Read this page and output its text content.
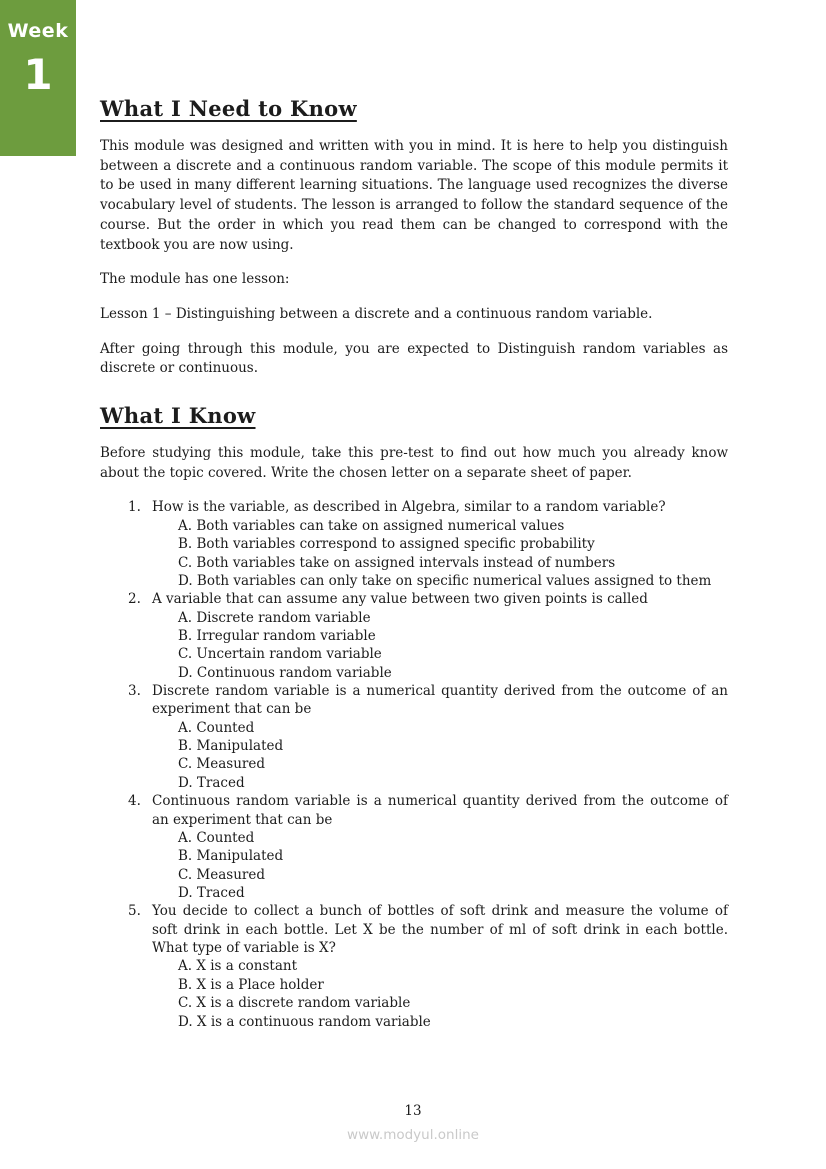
Week
1
What I Need to Know

This module was designed and written with you in mind. It is here to help you distinguish between a discrete and a continuous random variable. The scope of this module permits it to be used in many different learning situations. The language used recognizes the diverse vocabulary level of students. The lesson is arranged to follow the standard sequence of the course. But the order in which you read them can be changed to correspond with the textbook you are now using.

The module has one lesson:

Lesson 1 – Distinguishing between a discrete and a continuous random variable.

After going through this module, you are expected to Distinguish random variables as discrete or continuous.

What I Know

Before studying this module, take this pre-test to find out how much you already know about the topic covered. Write the chosen letter on a separate sheet of paper.

1. How is the variable, as described in Algebra, similar to a random variable?
A. Both variables can take on assigned numerical values
B. Both variables correspond to assigned specific probability
C. Both variables take on assigned intervals instead of numbers
D. Both variables can only take on specific numerical values assigned to them
2. A variable that can assume any value between two given points is called
A. Discrete random variable
B. Irregular random variable
C. Uncertain random variable
D. Continuous random variable
3. Discrete random variable is a numerical quantity derived from the outcome of an experiment that can be
A. Counted
B. Manipulated
C. Measured
D. Traced
4. Continuous random variable is a numerical quantity derived from the outcome of an experiment that can be
A. Counted
B. Manipulated
C. Measured
D. Traced
5. You decide to collect a bunch of bottles of soft drink and measure the volume of soft drink in each bottle. Let X be the number of ml of soft drink in each bottle. What type of variable is X?
A. X is a constant
B. X is a Place holder
C. X is a discrete random variable
D. X is a continuous random variable
13
www.modyul.online
